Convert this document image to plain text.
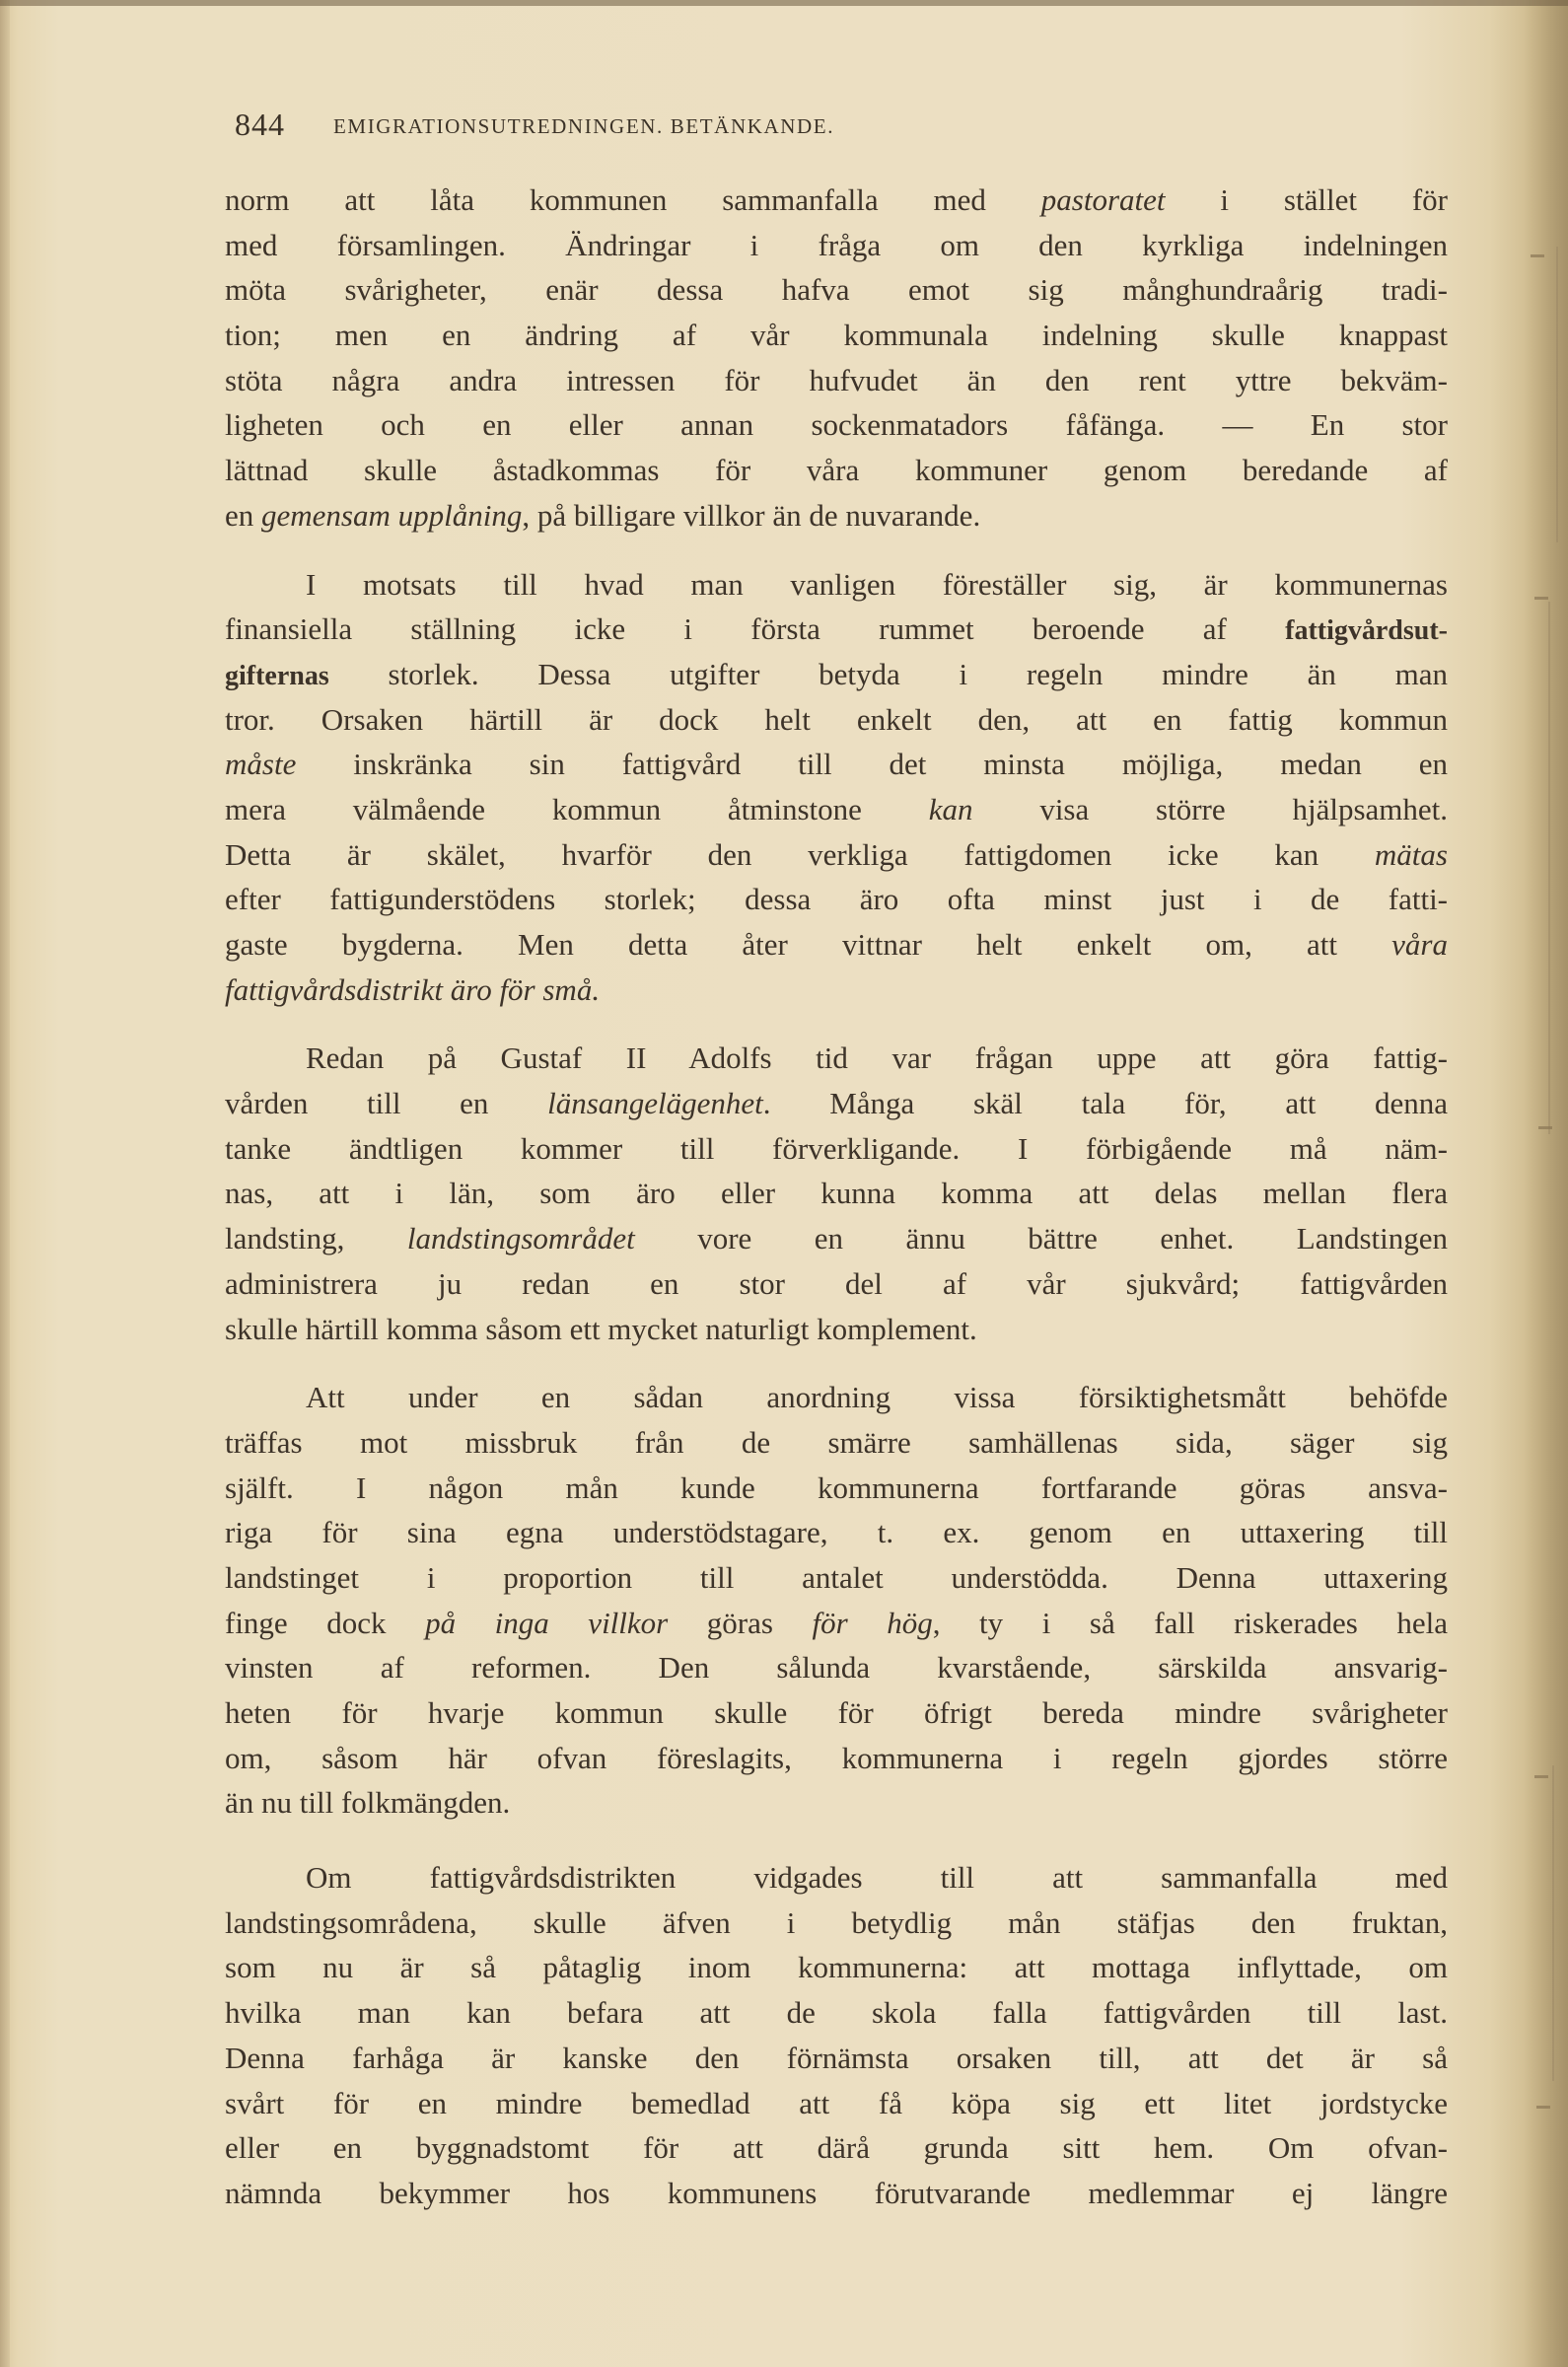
844 EMIGRATIONSUTREDNINGEN. BETÄNKANDE.
norm att låta kommunen sammanfalla med pastoratet i stället för
med församlingen. Ändringar i fråga om den kyrkliga indelningen
möta svårigheter, enär dessa hafva emot sig månghundraårig tradi-
tion; men en ändring af vår kommunala indelning skulle knappast
stöta några andra intressen för hufvudet än den rent yttre bekväm-
ligheten och en eller annan sockenmatadors fåfänga. — En stor
lättnad skulle åstadkommas för våra kommuner genom beredande af
en gemensam upplåning, på billigare villkor än de nuvarande.
I motsats till hvad man vanligen föreställer sig, är kommunernas
finansiella ställning icke i första rummet beroende af fattigvårdsut-
gifternas storlek. Dessa utgifter betyda i regeln mindre än man
tror. Orsaken härtill är dock helt enkelt den, att en fattig kommun
måste inskränka sin fattigvård till det minsta möjliga, medan en
mera välmående kommun åtminstone kan visa större hjälpsamhet.
Detta är skälet, hvarför den verkliga fattigdomen icke kan mätas
efter fattigunderstödens storlek; dessa äro ofta minst just i de fatti-
gaste bygderna. Men detta åter vittnar helt enkelt om, att våra
fattigvårdsdistrikt äro för små.
Redan på Gustaf II Adolfs tid var frågan uppe att göra fattig-
vården till en länsangelägenhet. Många skäl tala för, att denna
tanke ändtligen kommer till förverkligande. I förbigående må näm-
nas, att i län, som äro eller kunna komma att delas mellan flera
landsting, landstingsområdet vore en ännu bättre enhet. Landstingen
administrera ju redan en stor del af vår sjukvård; fattigvården
skulle härtill komma såsom ett mycket naturligt komplement.
Att under en sådan anordning vissa försiktighetsmått behöfde
träffas mot missbruk från de smärre samhällenas sida, säger sig
själft. I någon mån kunde kommunerna fortfarande göras ansva-
riga för sina egna understödstagare, t. ex. genom en uttaxering till
landstinget i proportion till antalet understödda. Denna uttaxering
finge dock på inga villkor göras för hög, ty i så fall riskerades hela
vinsten af reformen. Den sålunda kvarstående, särskilda ansvarig-
heten för hvarje kommun skulle för öfrigt bereda mindre svårigheter
om, såsom här ofvan föreslagits, kommunerna i regeln gjordes större
än nu till folkmängden.
Om fattigvårdsdistrikten vidgades till att sammanfalla med
landstingsområdena, skulle äfven i betydlig mån stäfjas den fruktan,
som nu är så påtaglig inom kommunerna: att mottaga inflyttade, om
hvilka man kan befara att de skola falla fattigvården till last.
Denna farhåga är kanske den förnämsta orsaken till, att det är så
svårt för en mindre bemedlad att få köpa sig ett litet jordstycke
eller en byggnadstomt för att därå grunda sitt hem. Om ofvan-
nämnda bekymmer hos kommunens förutvarande medlemmar ej längre
